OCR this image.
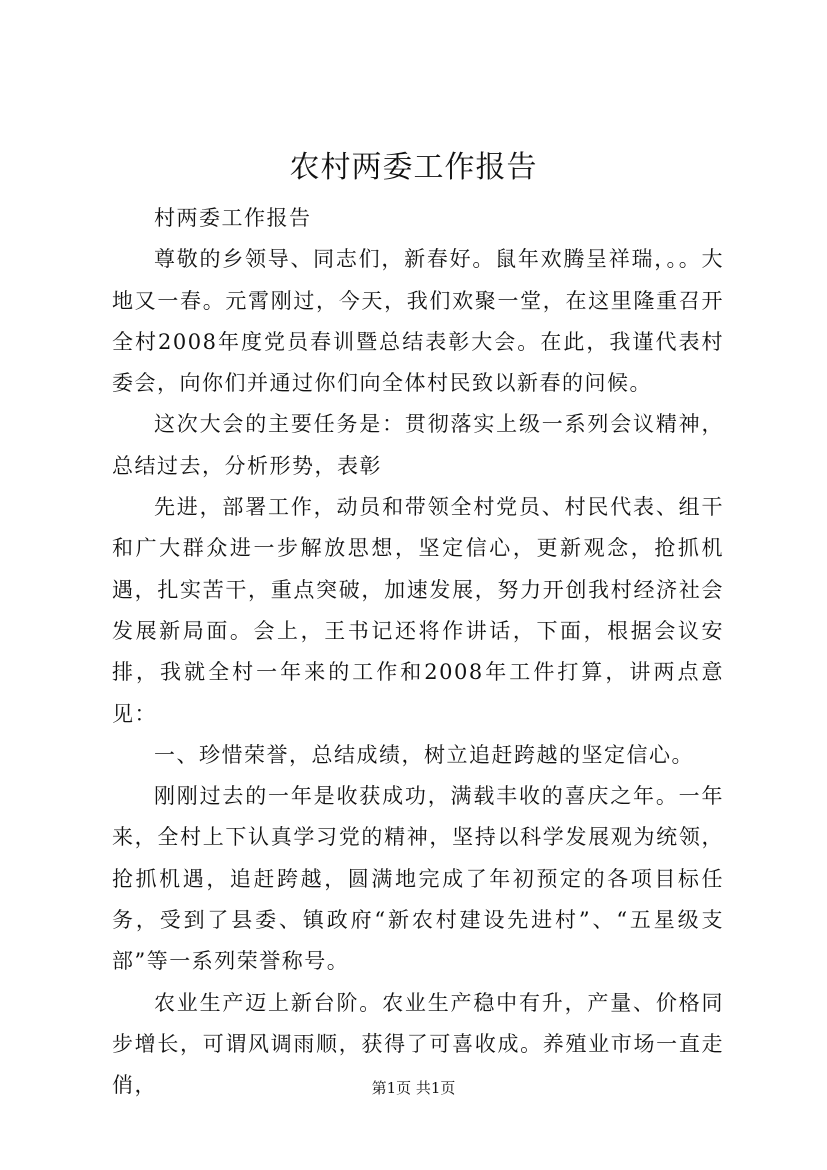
农村两委工作报告

村两委工作报告

尊敬的乡领导、同志们，新春好。鼠年欢腾呈祥瑞，。。大地又一春。元霄刚过，今天，我们欢聚一堂，在这里隆重召开全村2008年度党员春训暨总结表彰大会。在此，我谨代表村委会，向你们并通过你们向全体村民致以新春的问候。

这次大会的主要任务是：贯彻落实上级一系列会议精神，总结过去，分析形势，表彰

先进，部署工作，动员和带领全村党员、村民代表、组干和广大群众进一步解放思想，坚定信心，更新观念，抢抓机遇，扎实苦干，重点突破，加速发展，努力开创我村经济社会发展新局面。会上，王书记还将作讲话，下面，根据会议安排，我就全村一年来的工作和2008年工件打算，讲两点意见：

一、珍惜荣誉，总结成绩，树立追赶跨越的坚定信心。

刚刚过去的一年是收获成功，满载丰收的喜庆之年。一年来，全村上下认真学习党的精神，坚持以科学发展观为统领，抢抓机遇，追赶跨越，圆满地完成了年初预定的各项目标任务，受到了县委、镇政府“新农村建设先进村”、“五星级支部”等一系列荣誉称号。

农业生产迈上新台阶。农业生产稳中有升，产量、价格同步增长，可谓风调雨顺，获得了可喜收成。养殖业市场一直走俏，	第1页 共1页
